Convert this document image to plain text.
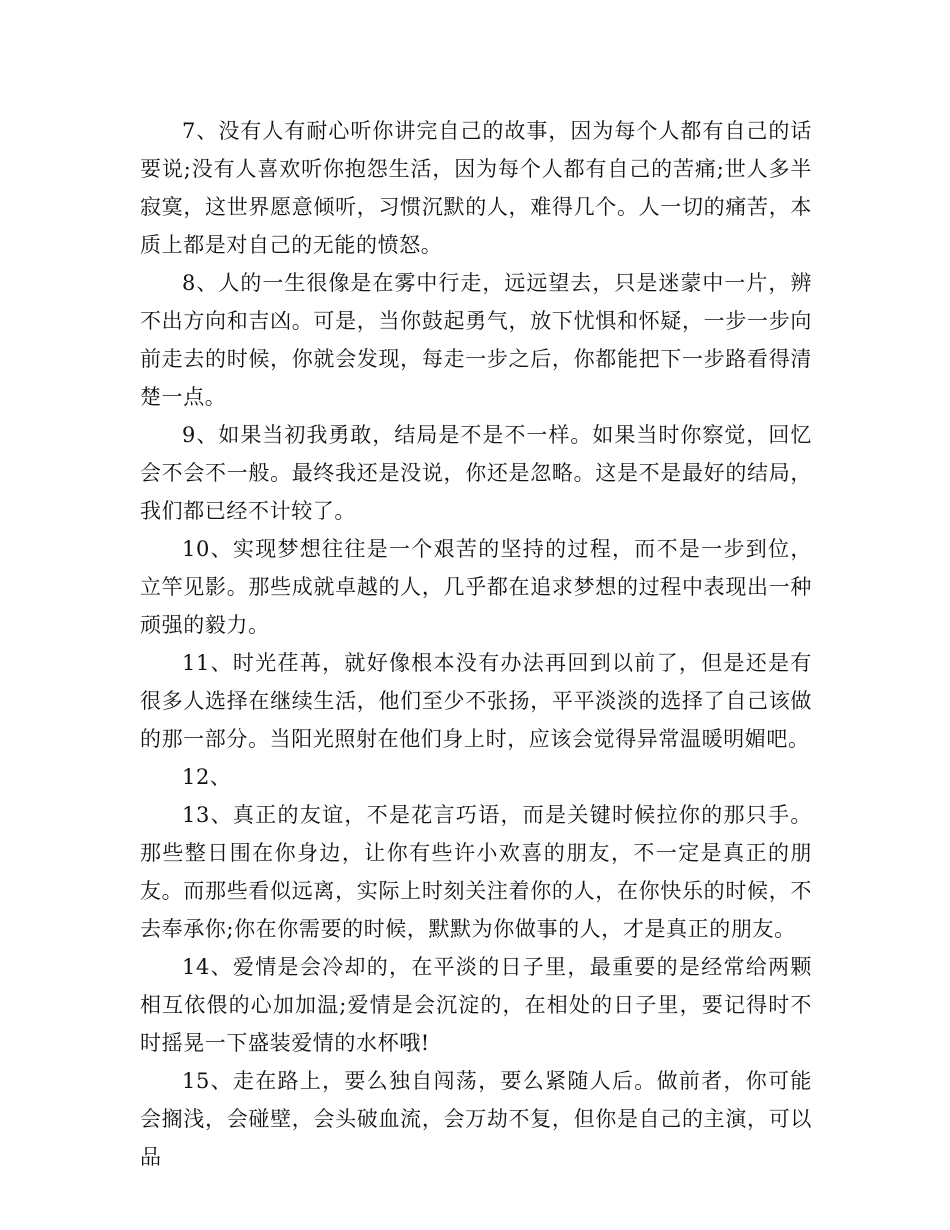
7、没有人有耐心听你讲完自己的故事，因为每个人都有自己的话要说;没有人喜欢听你抱怨生活，因为每个人都有自己的苦痛;世人多半寂寞，这世界愿意倾听，习惯沉默的人，难得几个。人一切的痛苦，本质上都是对自己的无能的愤怒。

8、人的一生很像是在雾中行走，远远望去，只是迷蒙中一片，辨不出方向和吉凶。可是，当你鼓起勇气，放下忧惧和怀疑，一步一步向前走去的时候，你就会发现，每走一步之后，你都能把下一步路看得清楚一点。

9、如果当初我勇敢，结局是不是不一样。如果当时你察觉，回忆会不会不一般。最终我还是没说，你还是忽略。这是不是最好的结局，我们都已经不计较了。

10、实现梦想往往是一个艰苦的坚持的过程，而不是一步到位，立竿见影。那些成就卓越的人，几乎都在追求梦想的过程中表现出一种顽强的毅力。

11、时光荏苒，就好像根本没有办法再回到以前了，但是还是有很多人选择在继续生活，他们至少不张扬，平平淡淡的选择了自己该做的那一部分。当阳光照射在他们身上时，应该会觉得异常温暖明媚吧。

12、

13、真正的友谊，不是花言巧语，而是关键时候拉你的那只手。那些整日围在你身边，让你有些许小欢喜的朋友，不一定是真正的朋友。而那些看似远离，实际上时刻关注着你的人，在你快乐的时候，不去奉承你;你在你需要的时候，默默为你做事的人，才是真正的朋友。

14、爱情是会冷却的，在平淡的日子里，最重要的是经常给两颗相互依偎的心加加温;爱情是会沉淀的，在相处的日子里，要记得时不时摇晃一下盛装爱情的水杯哦!

15、走在路上，要么独自闯荡，要么紧随人后。做前者，你可能会搁浅，会碰壁，会头破血流，会万劫不复，但你是自己的主演，可以品
